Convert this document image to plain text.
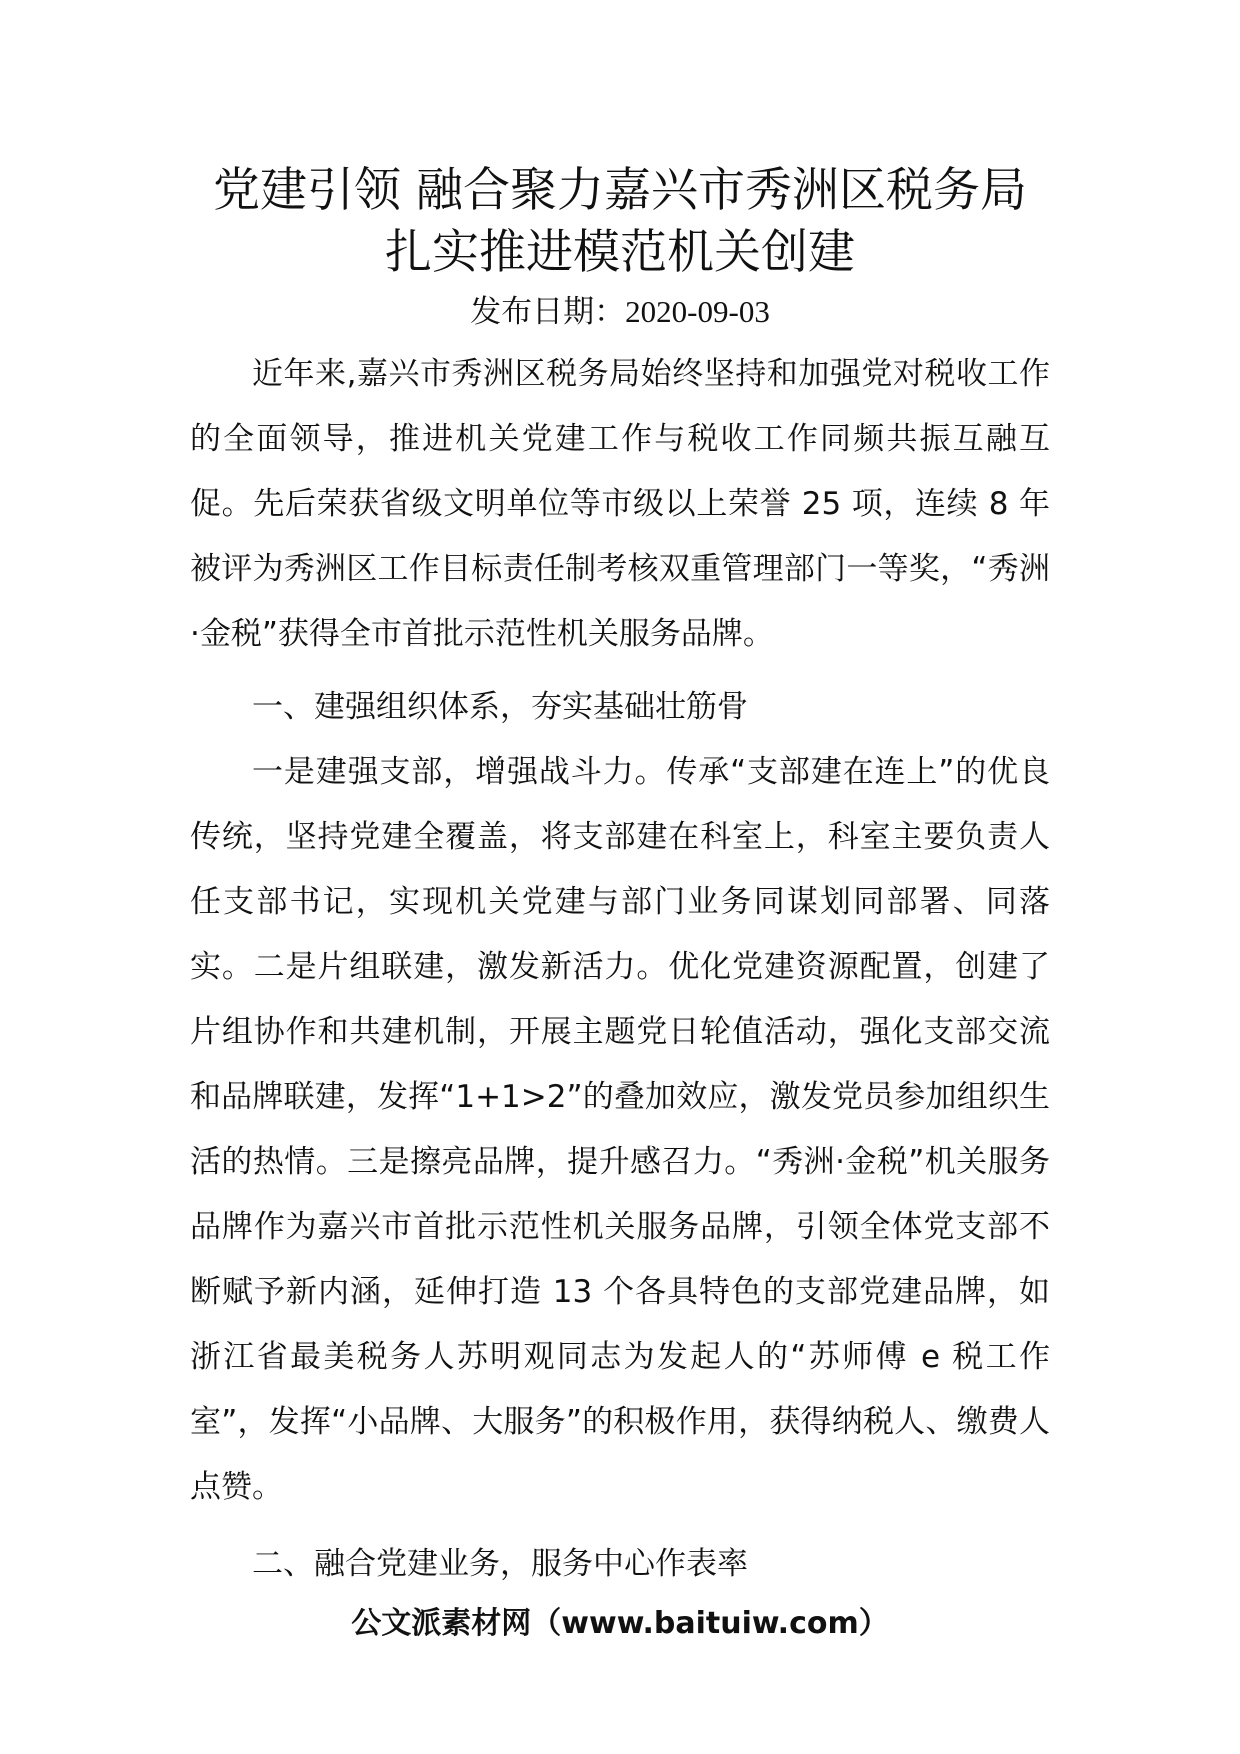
党建引领 融合聚力嘉兴市秀洲区税务局扎实推进模范机关创建
发布日期：2020-09-03

近年来,嘉兴市秀洲区税务局始终坚持和加强党对税收工作的全面领导，推进机关党建工作与税收工作同频共振互融互促。先后荣获省级文明单位等市级以上荣誉 25 项，连续 8 年被评为秀洲区工作目标责任制考核双重管理部门一等奖，“秀洲·金税”获得全市首批示范性机关服务品牌。

一、建强组织体系，夯实基础壮筋骨

一是建强支部，增强战斗力。传承“支部建在连上”的优良传统，坚持党建全覆盖，将支部建在科室上，科室主要负责人任支部书记，实现机关党建与部门业务同谋划同部署、同落实。二是片组联建，激发新活力。优化党建资源配置，创建了片组协作和共建机制，开展主题党日轮值活动，强化支部交流和品牌联建，发挥“1+1>2”的叠加效应，激发党员参加组织生活的热情。三是擦亮品牌，提升感召力。“秀洲·金税”机关服务品牌作为嘉兴市首批示范性机关服务品牌，引领全体党支部不断赋予新内涵，延伸打造 13 个各具特色的支部党建品牌，如浙江省最美税务人苏明观同志为发起人的“苏师傅 e 税工作室”，发挥“小品牌、大服务”的积极作用，获得纳税人、缴费人点赞。

二、融合党建业务，服务中心作表率

公文派素材网（www.baituiw.com）
